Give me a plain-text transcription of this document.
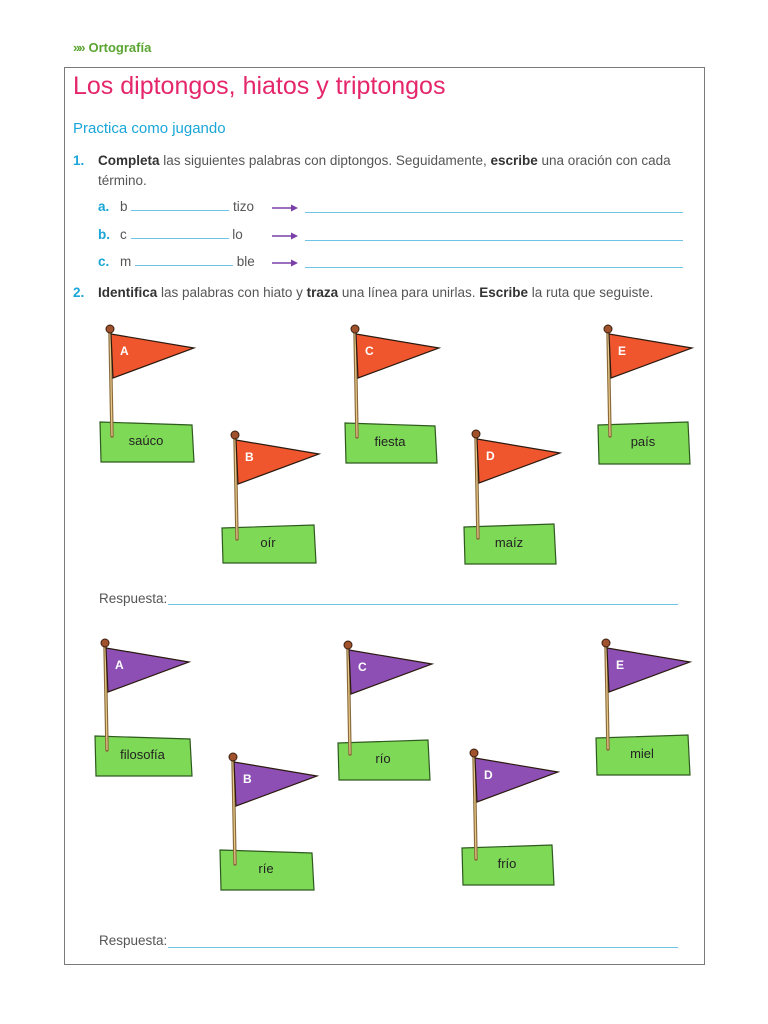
»» Ortografía
Los diptongos, hiatos y triptongos
Practica como jugando
1. Completa las siguientes palabras con diptongos. Seguidamente, escribe una oración con cada
término.
a. b	tizo
b. c	lo
c. m	ble
2. Identifica las palabras con hiato y traza una línea para unirlas. Escribe la ruta que seguiste.
A
saúco
B
oír
C
fiesta
D
maíz
E
país
Respuesta:
A
filosofía
B
ríe
C
río
D
frío
E
miel
Respuesta:
